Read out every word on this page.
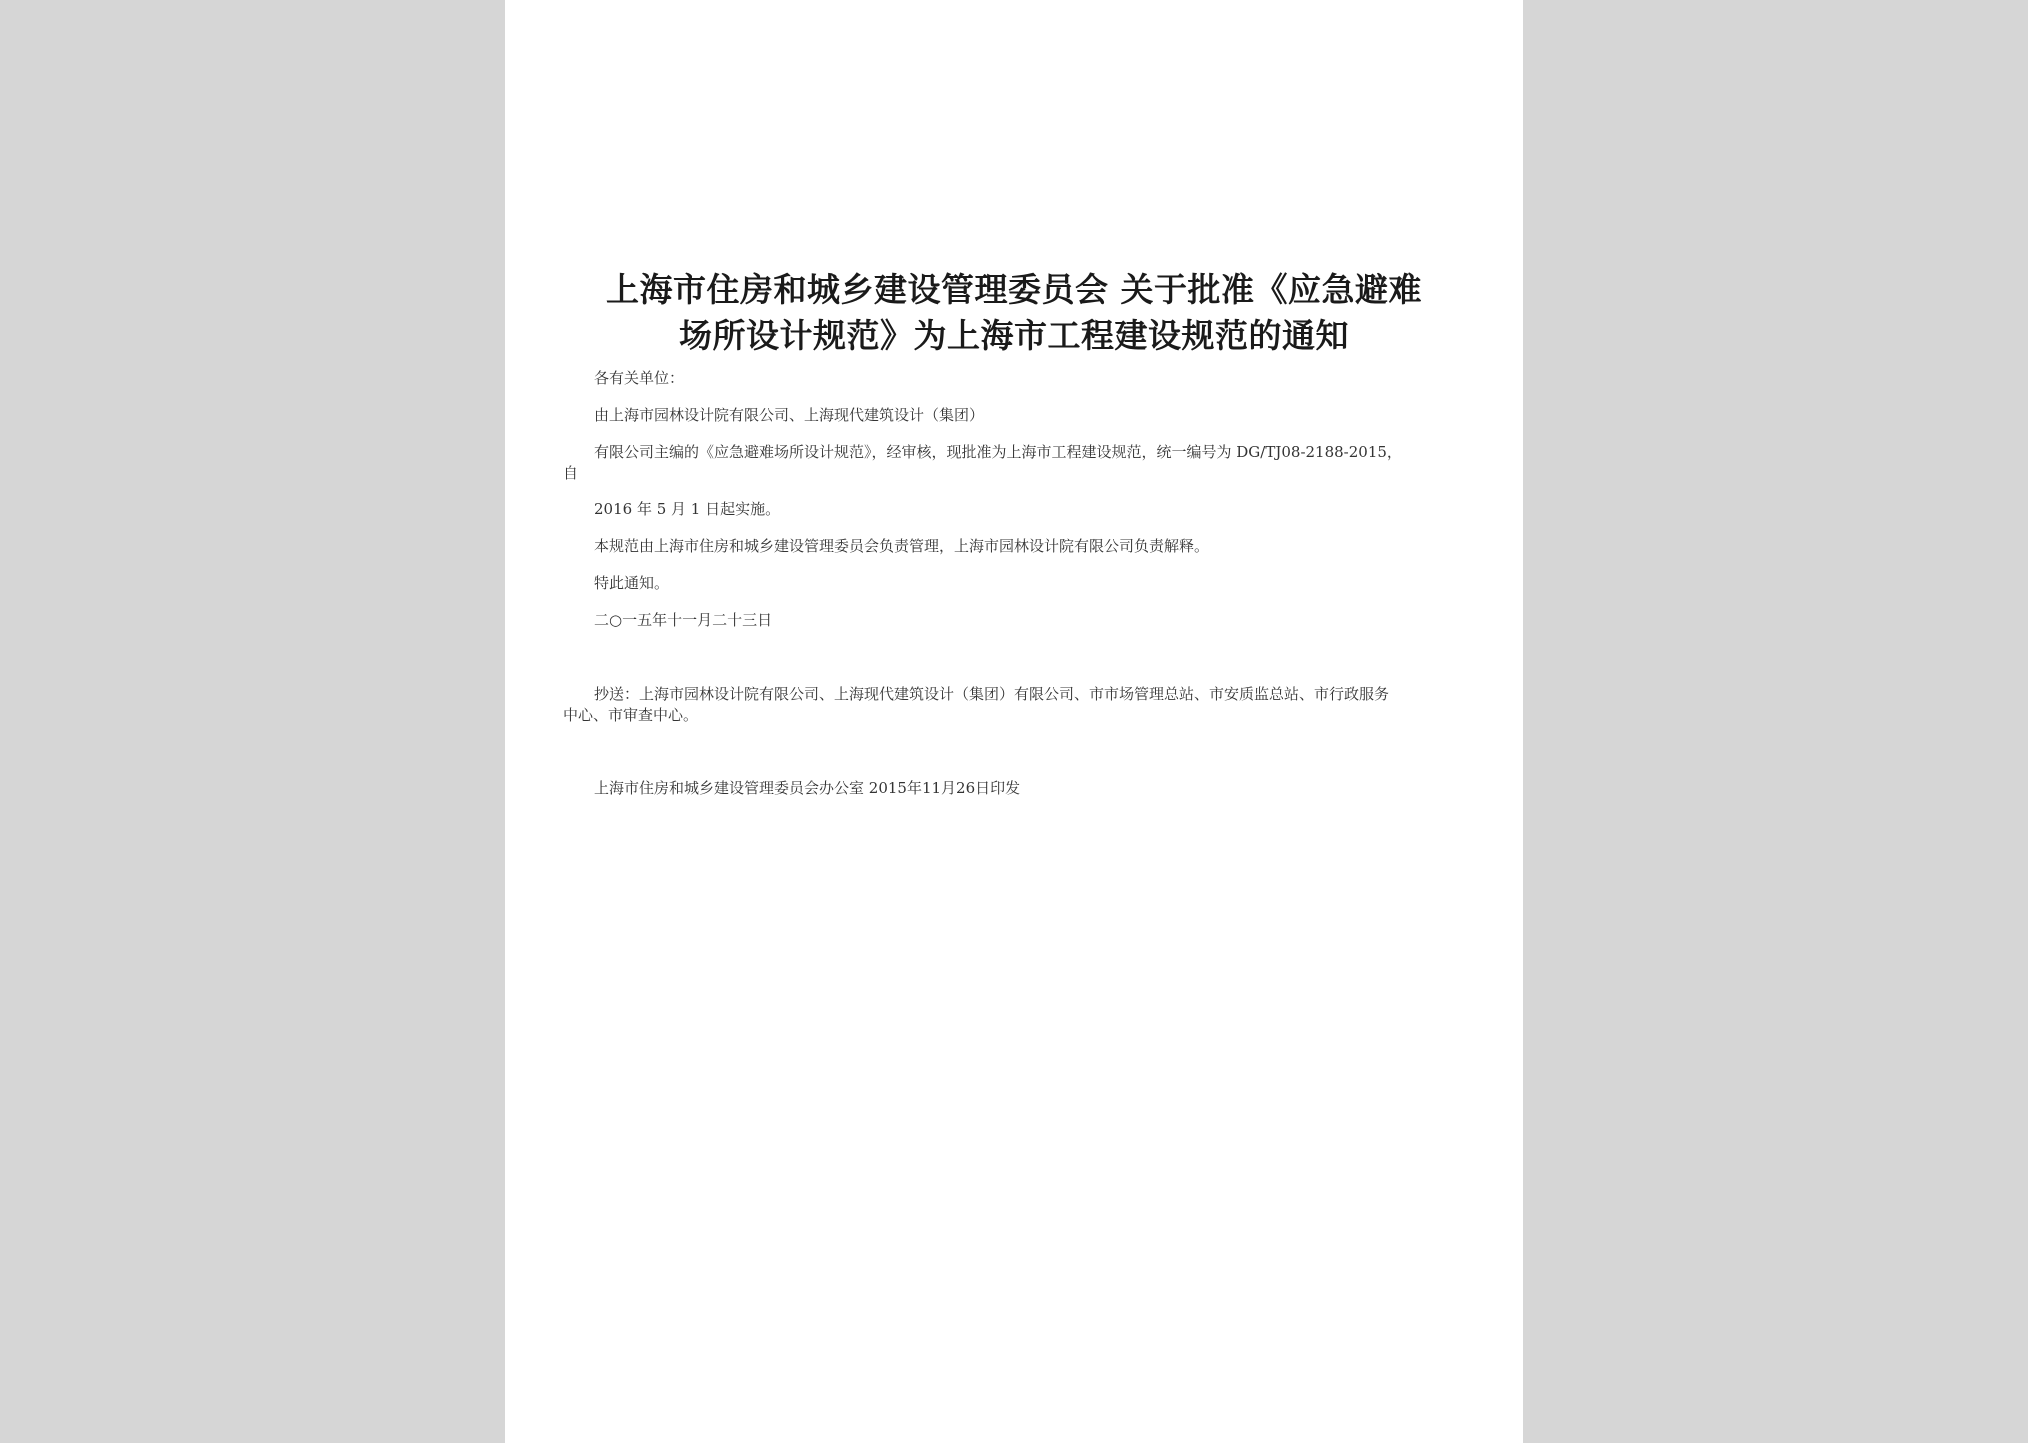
上海市住房和城乡建设管理委员会 关于批准《应急避难
场所设计规范》为上海市工程建设规范的通知
各有关单位：
由上海市园林设计院有限公司、上海现代建筑设计（集团）
有限公司主编的《应急避难场所设计规范》，经审核，现批准为上海市工程建设规范，统一编号为 DG/TJ08-2188-2015，
自
2016 年 5 月 1 日起实施。
本规范由上海市住房和城乡建设管理委员会负责管理，上海市园林设计院有限公司负责解释。
特此通知。
二○一五年十一月二十三日
抄送：上海市园林设计院有限公司、上海现代建筑设计（集团）有限公司、市市场管理总站、市安质监总站、市行政服务
中心、市审查中心。
上海市住房和城乡建设管理委员会办公室 2015年11月26日印发
